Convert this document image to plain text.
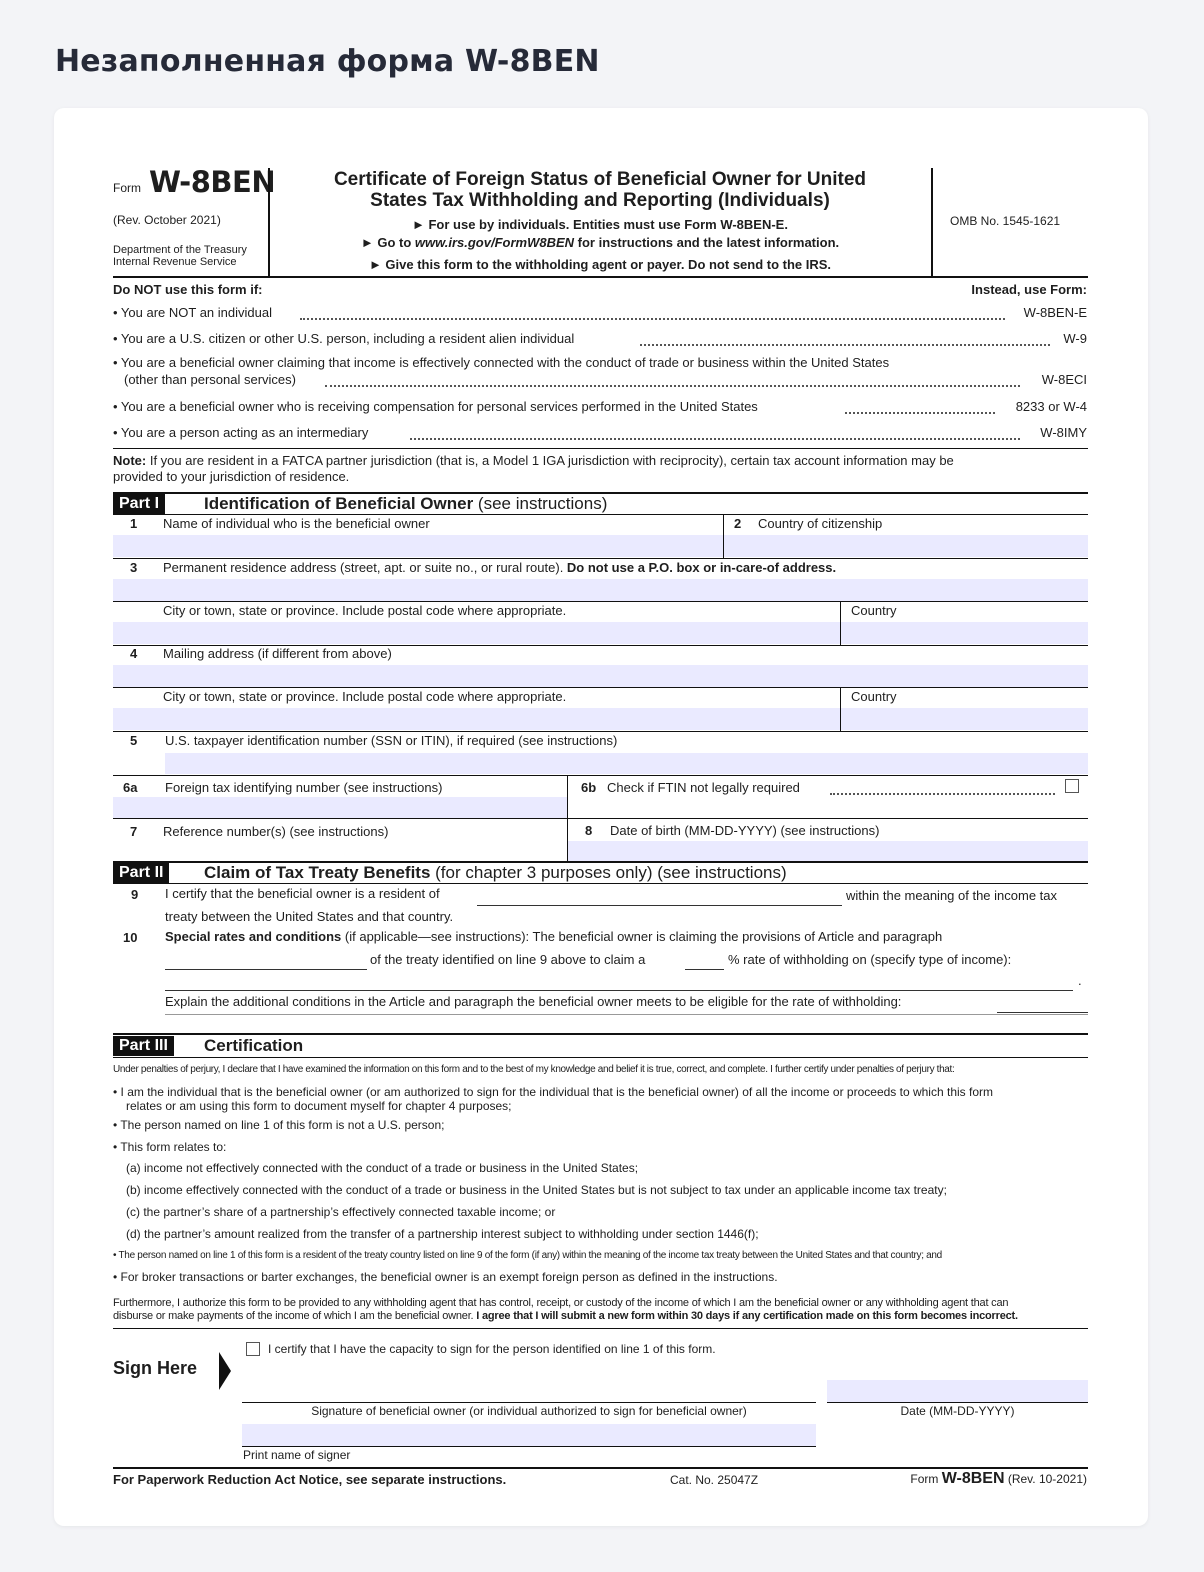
Незаполненная форма W-8BEN
Form W-8BEN
(Rev. October 2021)
Department of the Treasury
Internal Revenue Service
Certificate of Foreign Status of Beneficial Owner for United
States Tax Withholding and Reporting (Individuals)
► For use by individuals. Entities must use Form W-8BEN-E.
► Go to www.irs.gov/FormW8BEN for instructions and the latest information.
► Give this form to the withholding agent or payer. Do not send to the IRS.
OMB No. 1545-1621
Do NOT use this form if:	Instead, use Form:
• You are NOT an individual	W-8BEN-E
• You are a U.S. citizen or other U.S. person, including a resident alien individual	W-9
• You are a beneficial owner claiming that income is effectively connected with the conduct of trade or business within the United States
(other than personal services)	W-8ECI
• You are a beneficial owner who is receiving compensation for personal services performed in the United States	8233 or W-4
• You are a person acting as an intermediary	W-8IMY
Note: If you are resident in a FATCA partner jurisdiction (that is, a Model 1 IGA jurisdiction with reciprocity), certain tax account information may be
provided to your jurisdiction of residence.
Part I	Identification of Beneficial Owner (see instructions)
1 Name of individual who is the beneficial owner	2 Country of citizenship
3 Permanent residence address (street, apt. or suite no., or rural route). Do not use a P.O. box or in-care-of address.
City or town, state or province. Include postal code where appropriate.	Country
4 Mailing address (if different from above)
City or town, state or province. Include postal code where appropriate.	Country
5 U.S. taxpayer identification number (SSN or ITIN), if required (see instructions)
6a Foreign tax identifying number (see instructions)	6b Check if FTIN not legally required
7 Reference number(s) (see instructions)	8 Date of birth (MM-DD-YYYY) (see instructions)
Part II	Claim of Tax Treaty Benefits (for chapter 3 purposes only) (see instructions)
9 I certify that the beneficial owner is a resident of	within the meaning of the income tax
treaty between the United States and that country.
10 Special rates and conditions (if applicable—see instructions): The beneficial owner is claiming the provisions of Article and paragraph
of the treaty identified on line 9 above to claim a	% rate of withholding on (specify type of income):
.
Explain the additional conditions in the Article and paragraph the beneficial owner meets to be eligible for the rate of withholding:
Part III	Certification
Under penalties of perjury, I declare that I have examined the information on this form and to the best of my knowledge and belief it is true, correct, and complete. I further certify under penalties of perjury that:
• I am the individual that is the beneficial owner (or am authorized to sign for the individual that is the beneficial owner) of all the income or proceeds to which this form
relates or am using this form to document myself for chapter 4 purposes;
• The person named on line 1 of this form is not a U.S. person;
• This form relates to:
(a) income not effectively connected with the conduct of a trade or business in the United States;
(b) income effectively connected with the conduct of a trade or business in the United States but is not subject to tax under an applicable income tax treaty;
(c) the partner’s share of a partnership’s effectively connected taxable income; or
(d) the partner’s amount realized from the transfer of a partnership interest subject to withholding under section 1446(f);
• The person named on line 1 of this form is a resident of the treaty country listed on line 9 of the form (if any) within the meaning of the income tax treaty between the United States and that country; and
• For broker transactions or barter exchanges, the beneficial owner is an exempt foreign person as defined in the instructions.
Furthermore, I authorize this form to be provided to any withholding agent that has control, receipt, or custody of the income of which I am the beneficial owner or any withholding agent that can
disburse or make payments of the income of which I am the beneficial owner. I agree that I will submit a new form within 30 days if any certification made on this form becomes incorrect.
Sign Here
I certify that I have the capacity to sign for the person identified on line 1 of this form.
Signature of beneficial owner (or individual authorized to sign for beneficial owner)	Date (MM-DD-YYYY)
Print name of signer
For Paperwork Reduction Act Notice, see separate instructions.	Cat. No. 25047Z	Form W-8BEN (Rev. 10-2021)
